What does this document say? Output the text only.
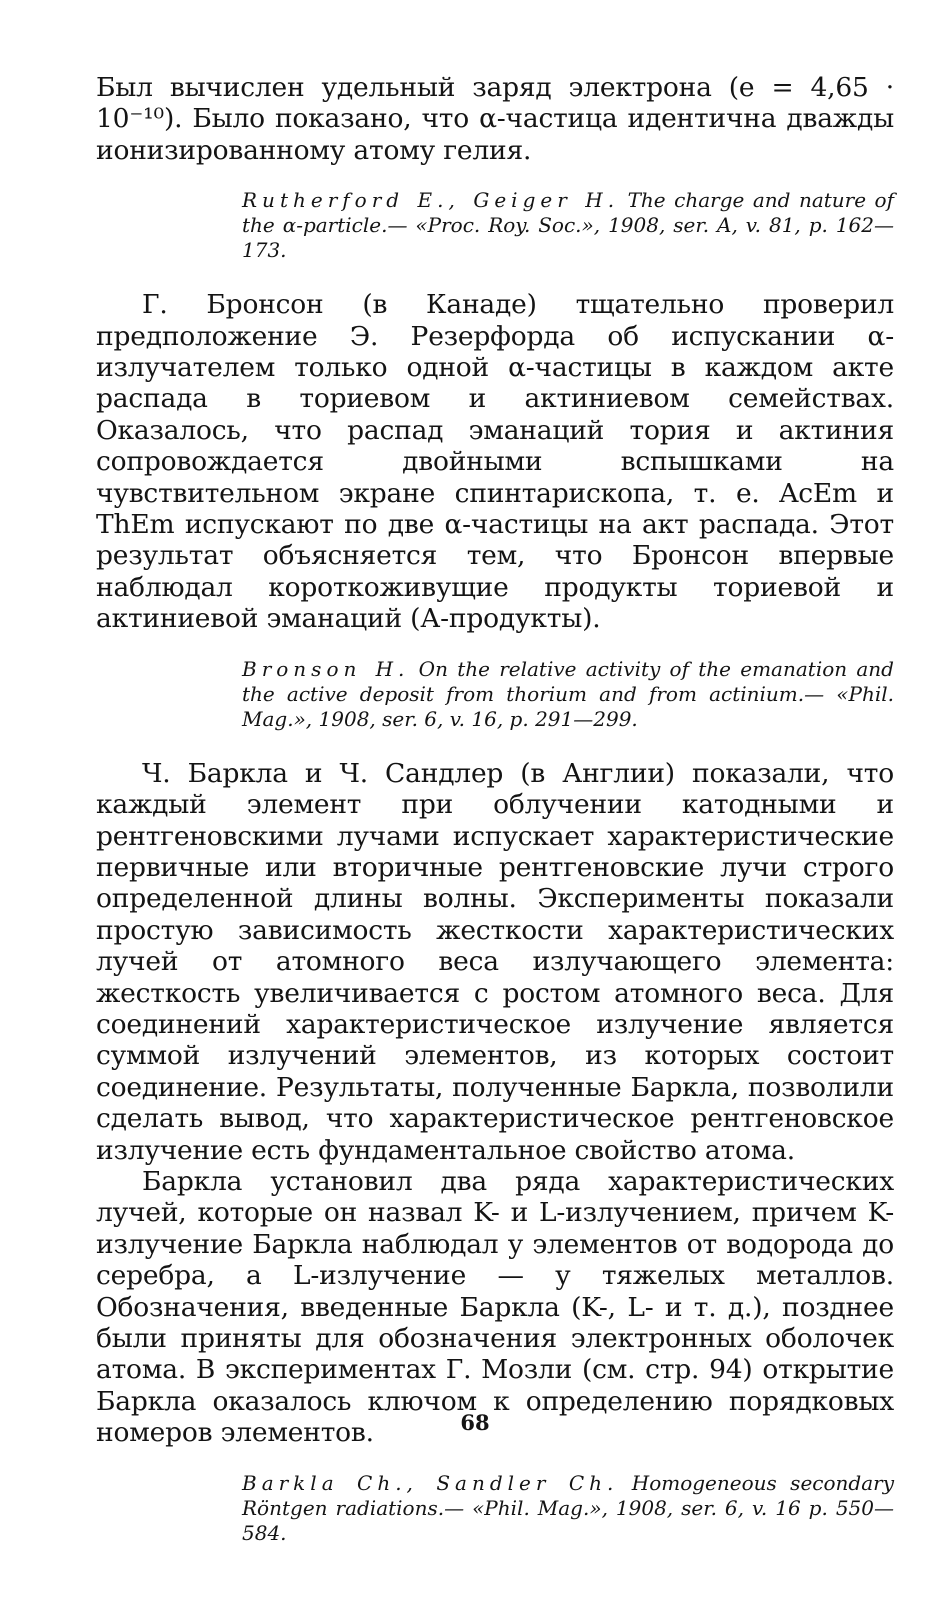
Был вычислен удельный заряд электрона (e = 4,65 · 10⁻¹⁰). Было показано, что α-частица идентична дважды ионизированному атому гелия.

Rutherford E., Geiger H. The charge and nature of the α-particle.— «Proc. Roy. Soc.», 1908, ser. A, v. 81, p. 162—173.

Г. Бронсон (в Канаде) тщательно проверил предположение Э. Резерфорда об испускании α-излучателем только одной α-частицы в каждом акте распада в ториевом и актиниевом семействах. Оказалось, что распад эманаций тория и актиния сопровождается двойными вспышками на чувствительном экране спинтарископа, т. е. AcEm и ThEm испускают по две α-частицы на акт распада. Этот результат объясняется тем, что Бронсон впервые наблюдал короткоживущие продукты ториевой и актиниевой эманаций (А-продукты).

Bronson H. On the relative activity of the emanation and the active deposit from thorium and from actinium.— «Phil. Mag.», 1908, ser. 6, v. 16, p. 291—299.

Ч. Баркла и Ч. Сандлер (в Англии) показали, что каждый элемент при облучении катодными и рентгеновскими лучами испускает характеристические первичные или вторичные рентгеновские лучи строго определенной длины волны. Эксперименты показали простую зависимость жесткости характеристических лучей от атомного веса излучающего элемента: жесткость увеличивается с ростом атомного веса. Для соединений характеристическое излучение является суммой излучений элементов, из которых состоит соединение. Результаты, полученные Баркла, позволили сделать вывод, что характеристическое рентгеновское излучение есть фундаментальное свойство атома.

Баркла установил два ряда характеристических лучей, которые он назвал K- и L-излучением, причем K-излучение Баркла наблюдал у элементов от водорода до серебра, а L-излучение — у тяжелых металлов. Обозначения, введенные Баркла (K-, L- и т. д.), позднее были приняты для обозначения электронных оболочек атома. В экспериментах Г. Мозли (см. стр. 94) открытие Баркла оказалось ключом к определению порядковых номеров элементов.

Barkla Ch., Sandler Ch. Homogeneous secondary Röntgen radiations.— «Phil. Mag.», 1908, ser. 6, v. 16 p. 550—584.

68
